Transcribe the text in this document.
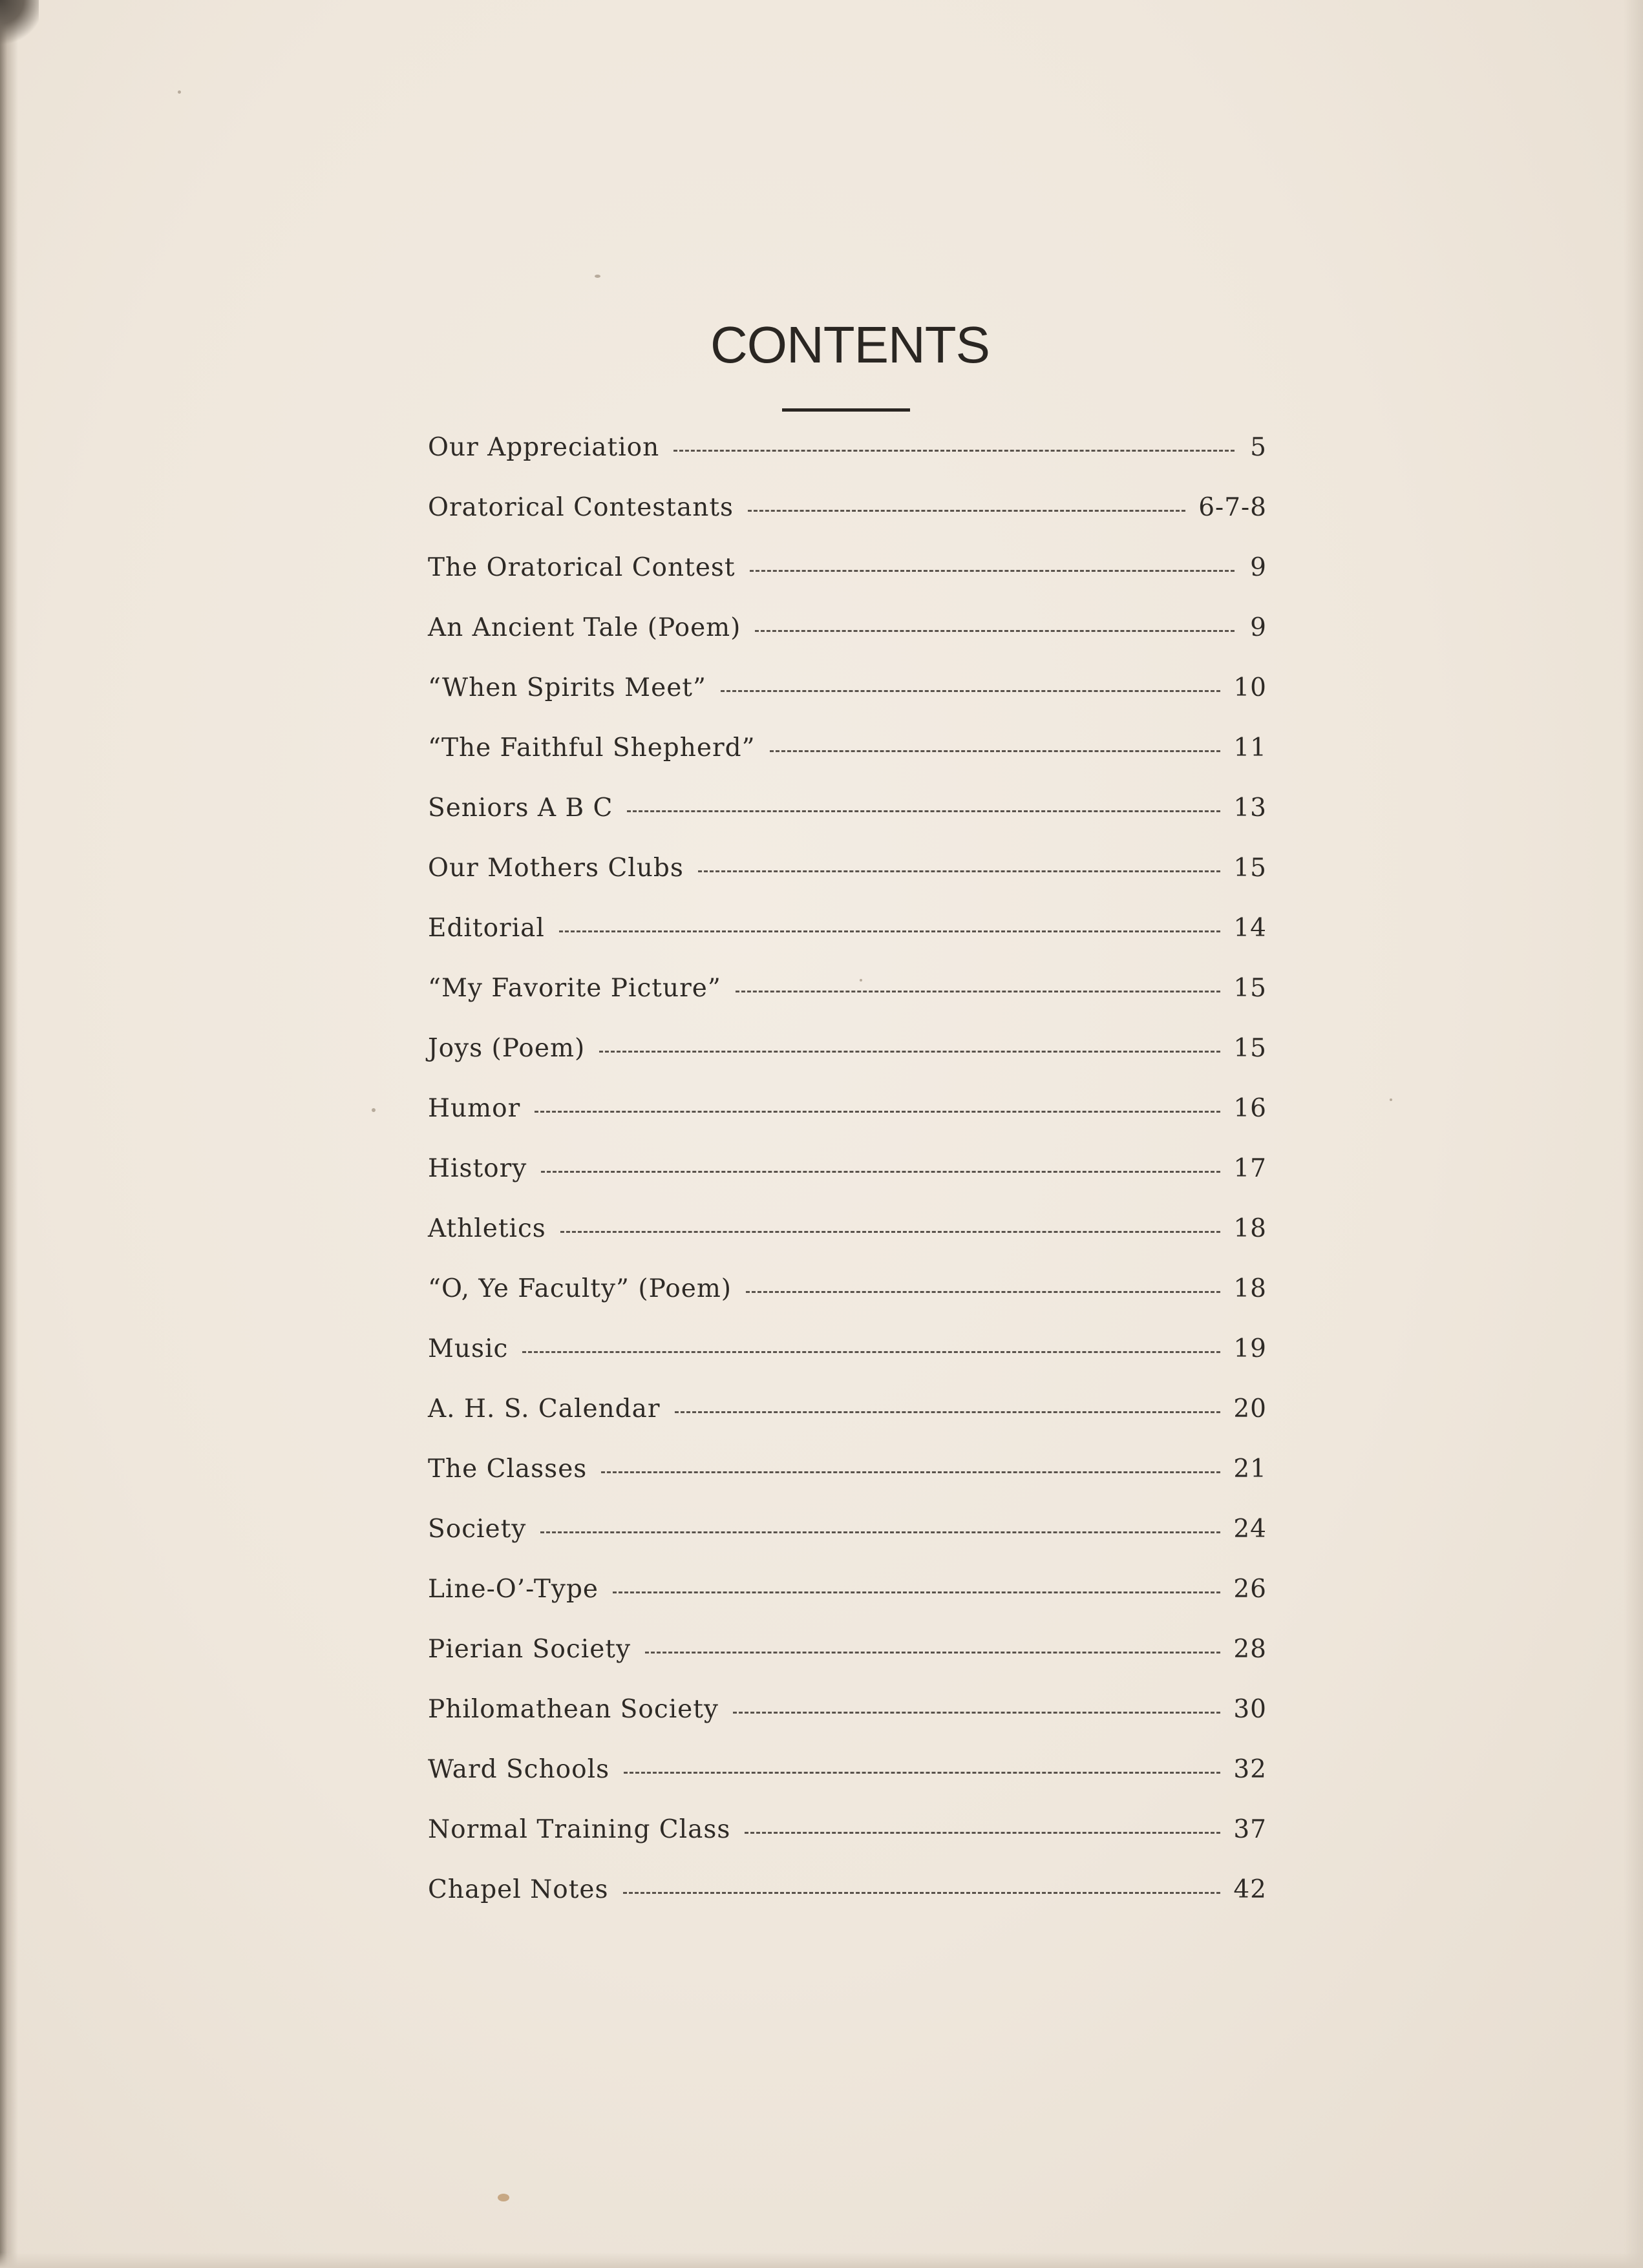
CONTENTS
Our Appreciation	5
Oratorical Contestants	6-7-8
The Oratorical Contest	9
An Ancient Tale (Poem)	9
“When Spirits Meet”	10
“The Faithful Shepherd”	11
Seniors A B C	13
Our Mothers Clubs	15
Editorial	14
“My Favorite Picture”	15
Joys (Poem)	15
Humor	16
History	17
Athletics	18
“O, Ye Faculty” (Poem)	18
Music	19
A. H. S. Calendar	20
The Classes	21
Society	24
Line-O’-Type	26
Pierian Society	28
Philomathean Society	30
Ward Schools	32
Normal Training Class	37
Chapel Notes	42
